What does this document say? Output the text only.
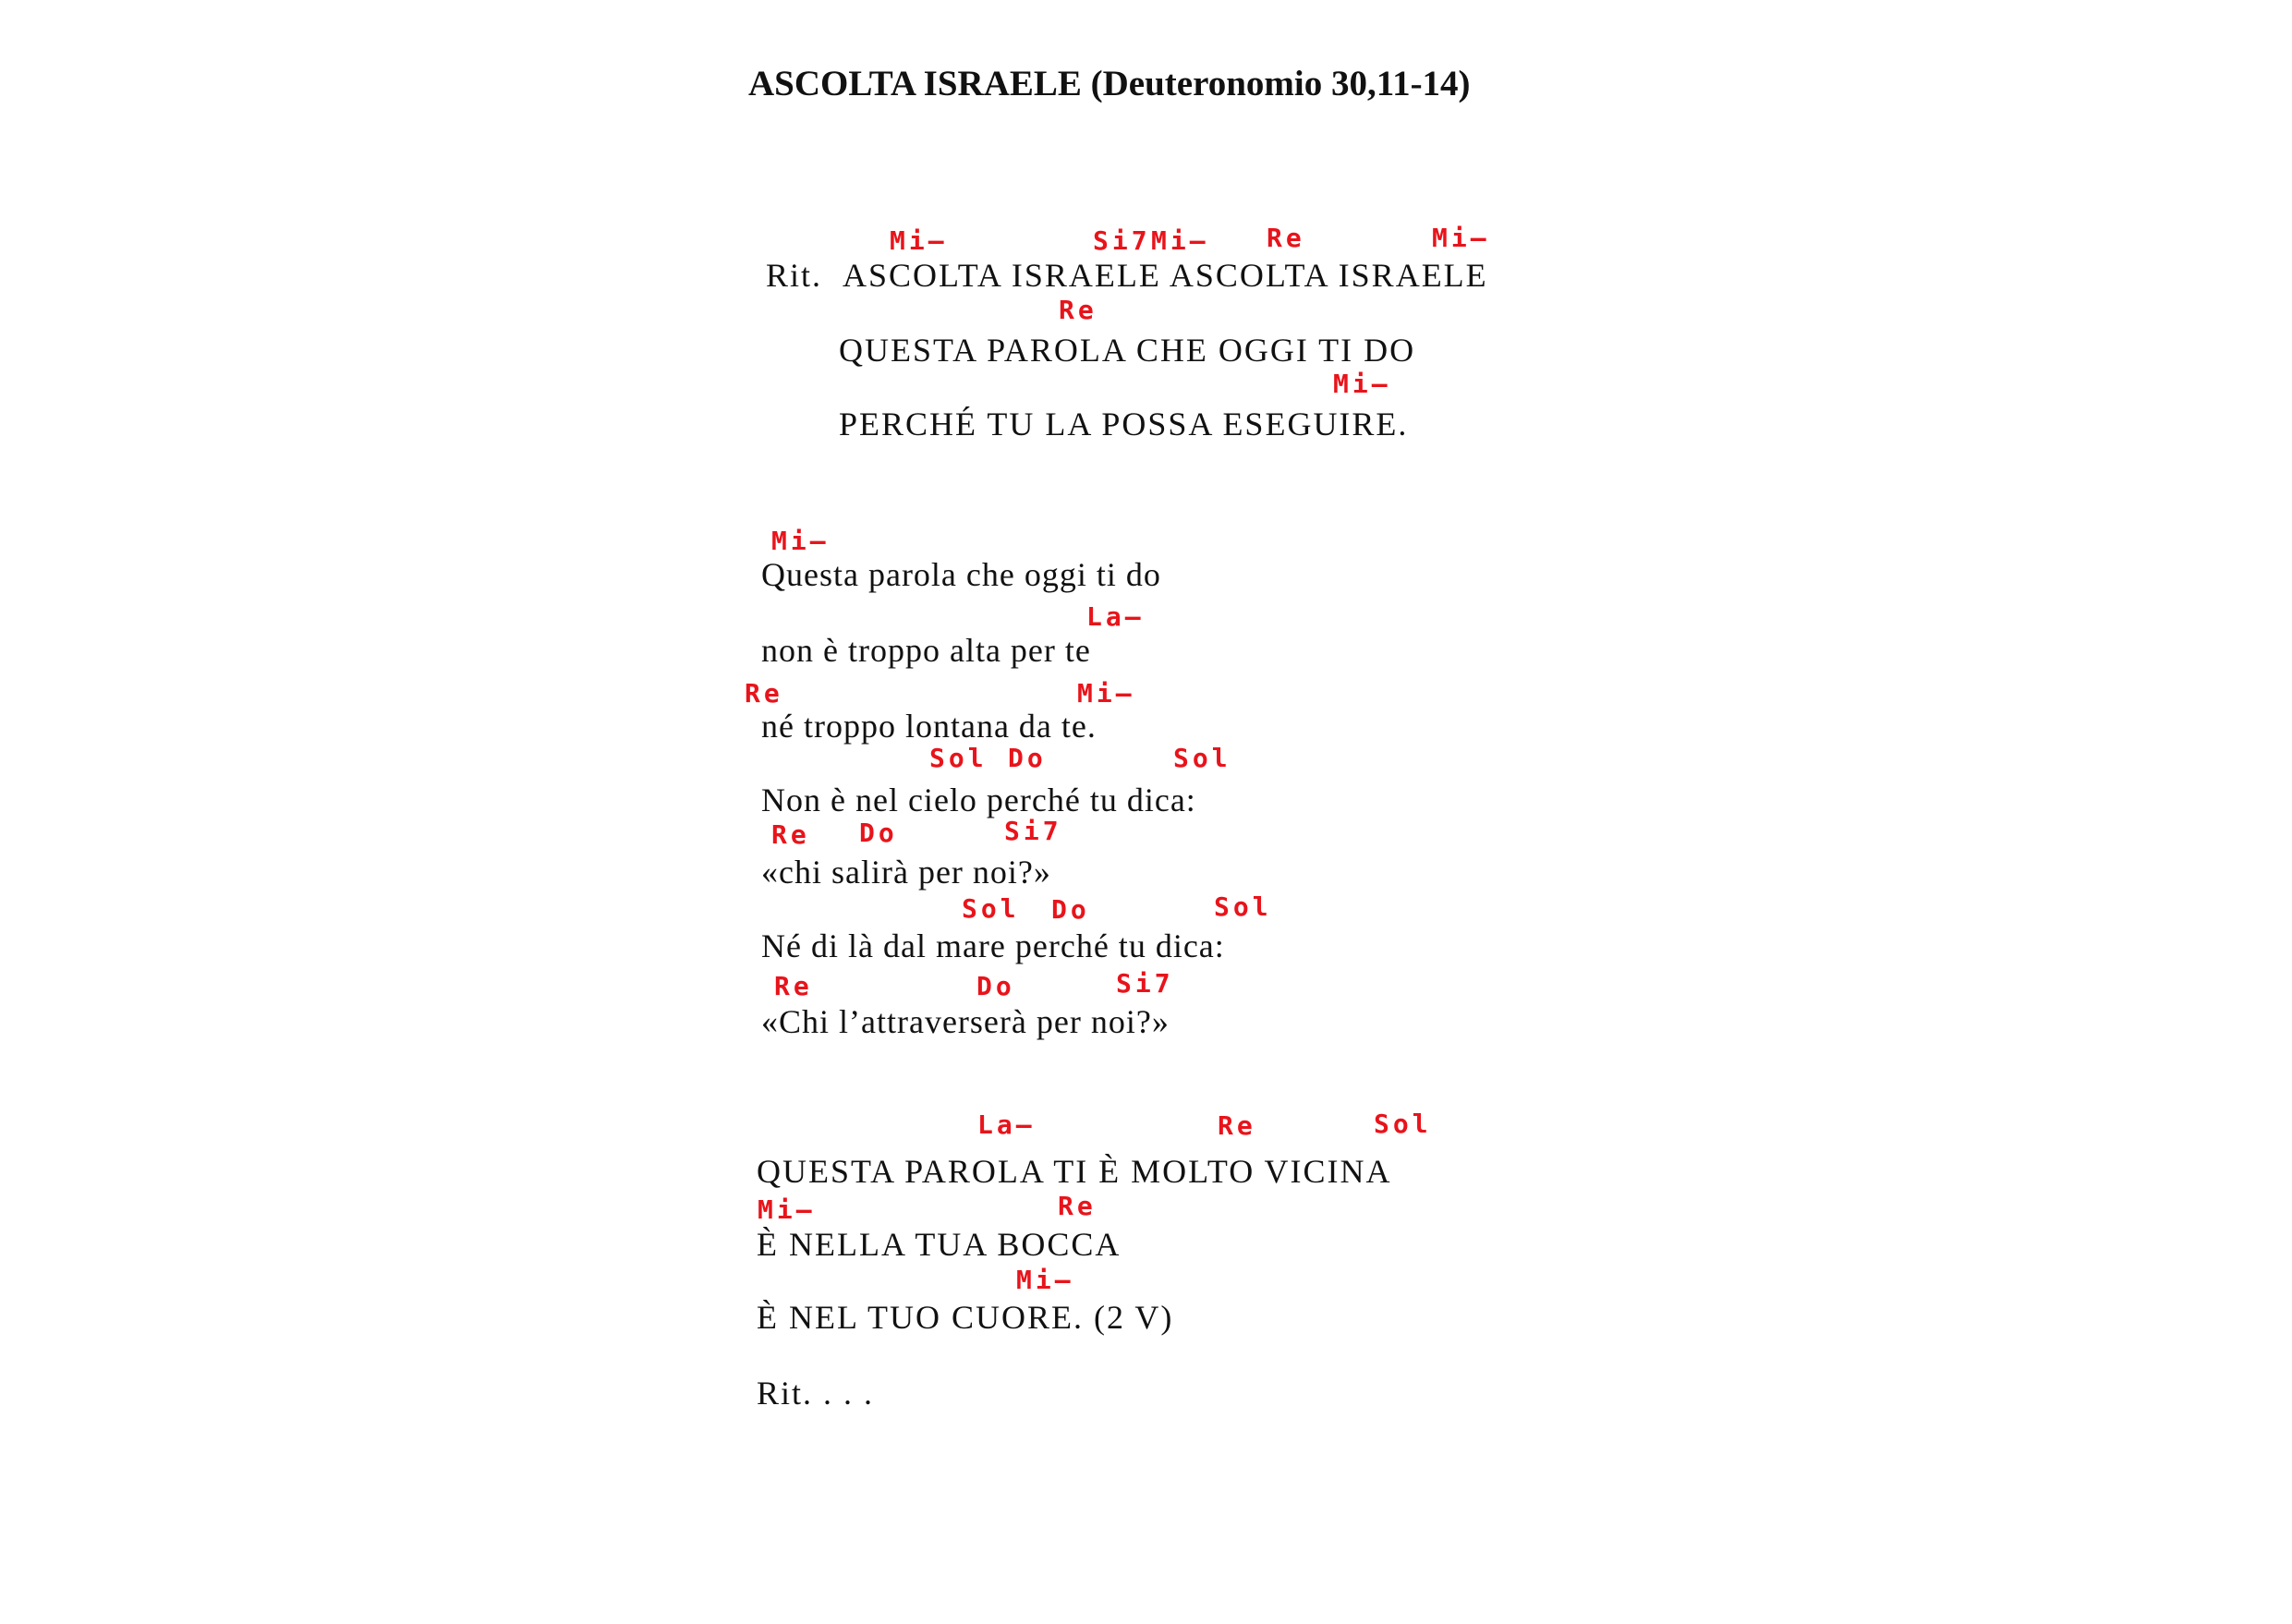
ASCOLTA ISRAELE (Deuteronomio 30,11-14)
Mi—	Si7 Mi— Re	Mi—
Rit. ASCOLTA ISRAELE ASCOLTA ISRAELE
Re
QUESTA PAROLA CHE OGGI TI DO
Mi—
PERCHÉ TU LA POSSA ESEGUIRE.
Mi—
Questa parola che oggi ti do
La—
non è troppo alta per te
Re	Mi—
né troppo lontana da te.
Sol Do	Sol
Non è nel cielo perché tu dica:
Re Do	Si7
«chi salirà per noi?»
Sol Do	Sol
Né di là dal mare perché tu dica:
Re	Do	Si7
«Chi l’attraverserà per noi?»
La—	Re	Sol
QUESTA PAROLA TI È MOLTO VICINA
Mi—	Re
È NELLA TUA BOCCA
Mi—
È NEL TUO CUORE. (2 V)
Rit. . . .
